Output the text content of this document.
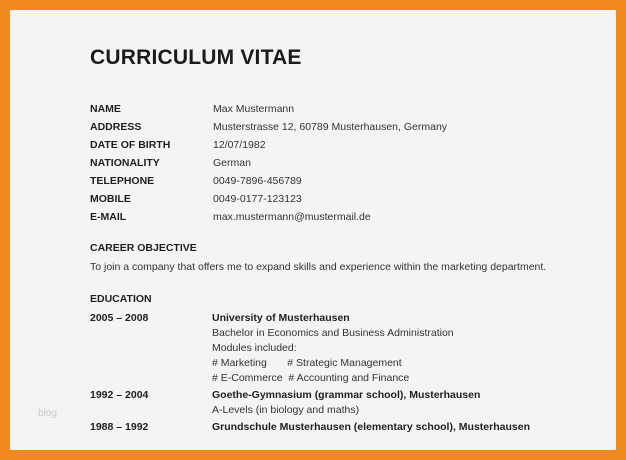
CURRICULUM VITAE
NAME	Max Mustermann
ADDRESS	Musterstrasse 12, 60789 Musterhausen, Germany
DATE OF BIRTH	12/07/1982
NATIONALITY	German
TELEPHONE	0049-7896-456789
MOBILE	0049-0177-123123
E-MAIL	max.mustermann@mustermail.de
CAREER OBJECTIVE
To join a company that offers me to expand skills and experience within the marketing department.
EDUCATION
2005 – 2008	University of Musterhausen
Bachelor in Economics and Business Administration
Modules included:
# Marketing       # Strategic Management
# E-Commerce  # Accounting and Finance
1992 – 2004	Goethe-Gymnasium (grammar school), Musterhausen
A-Levels (in biology and maths)
1988 – 1992	Grundschule Musterhausen (elementary school), Musterhausen
blog
